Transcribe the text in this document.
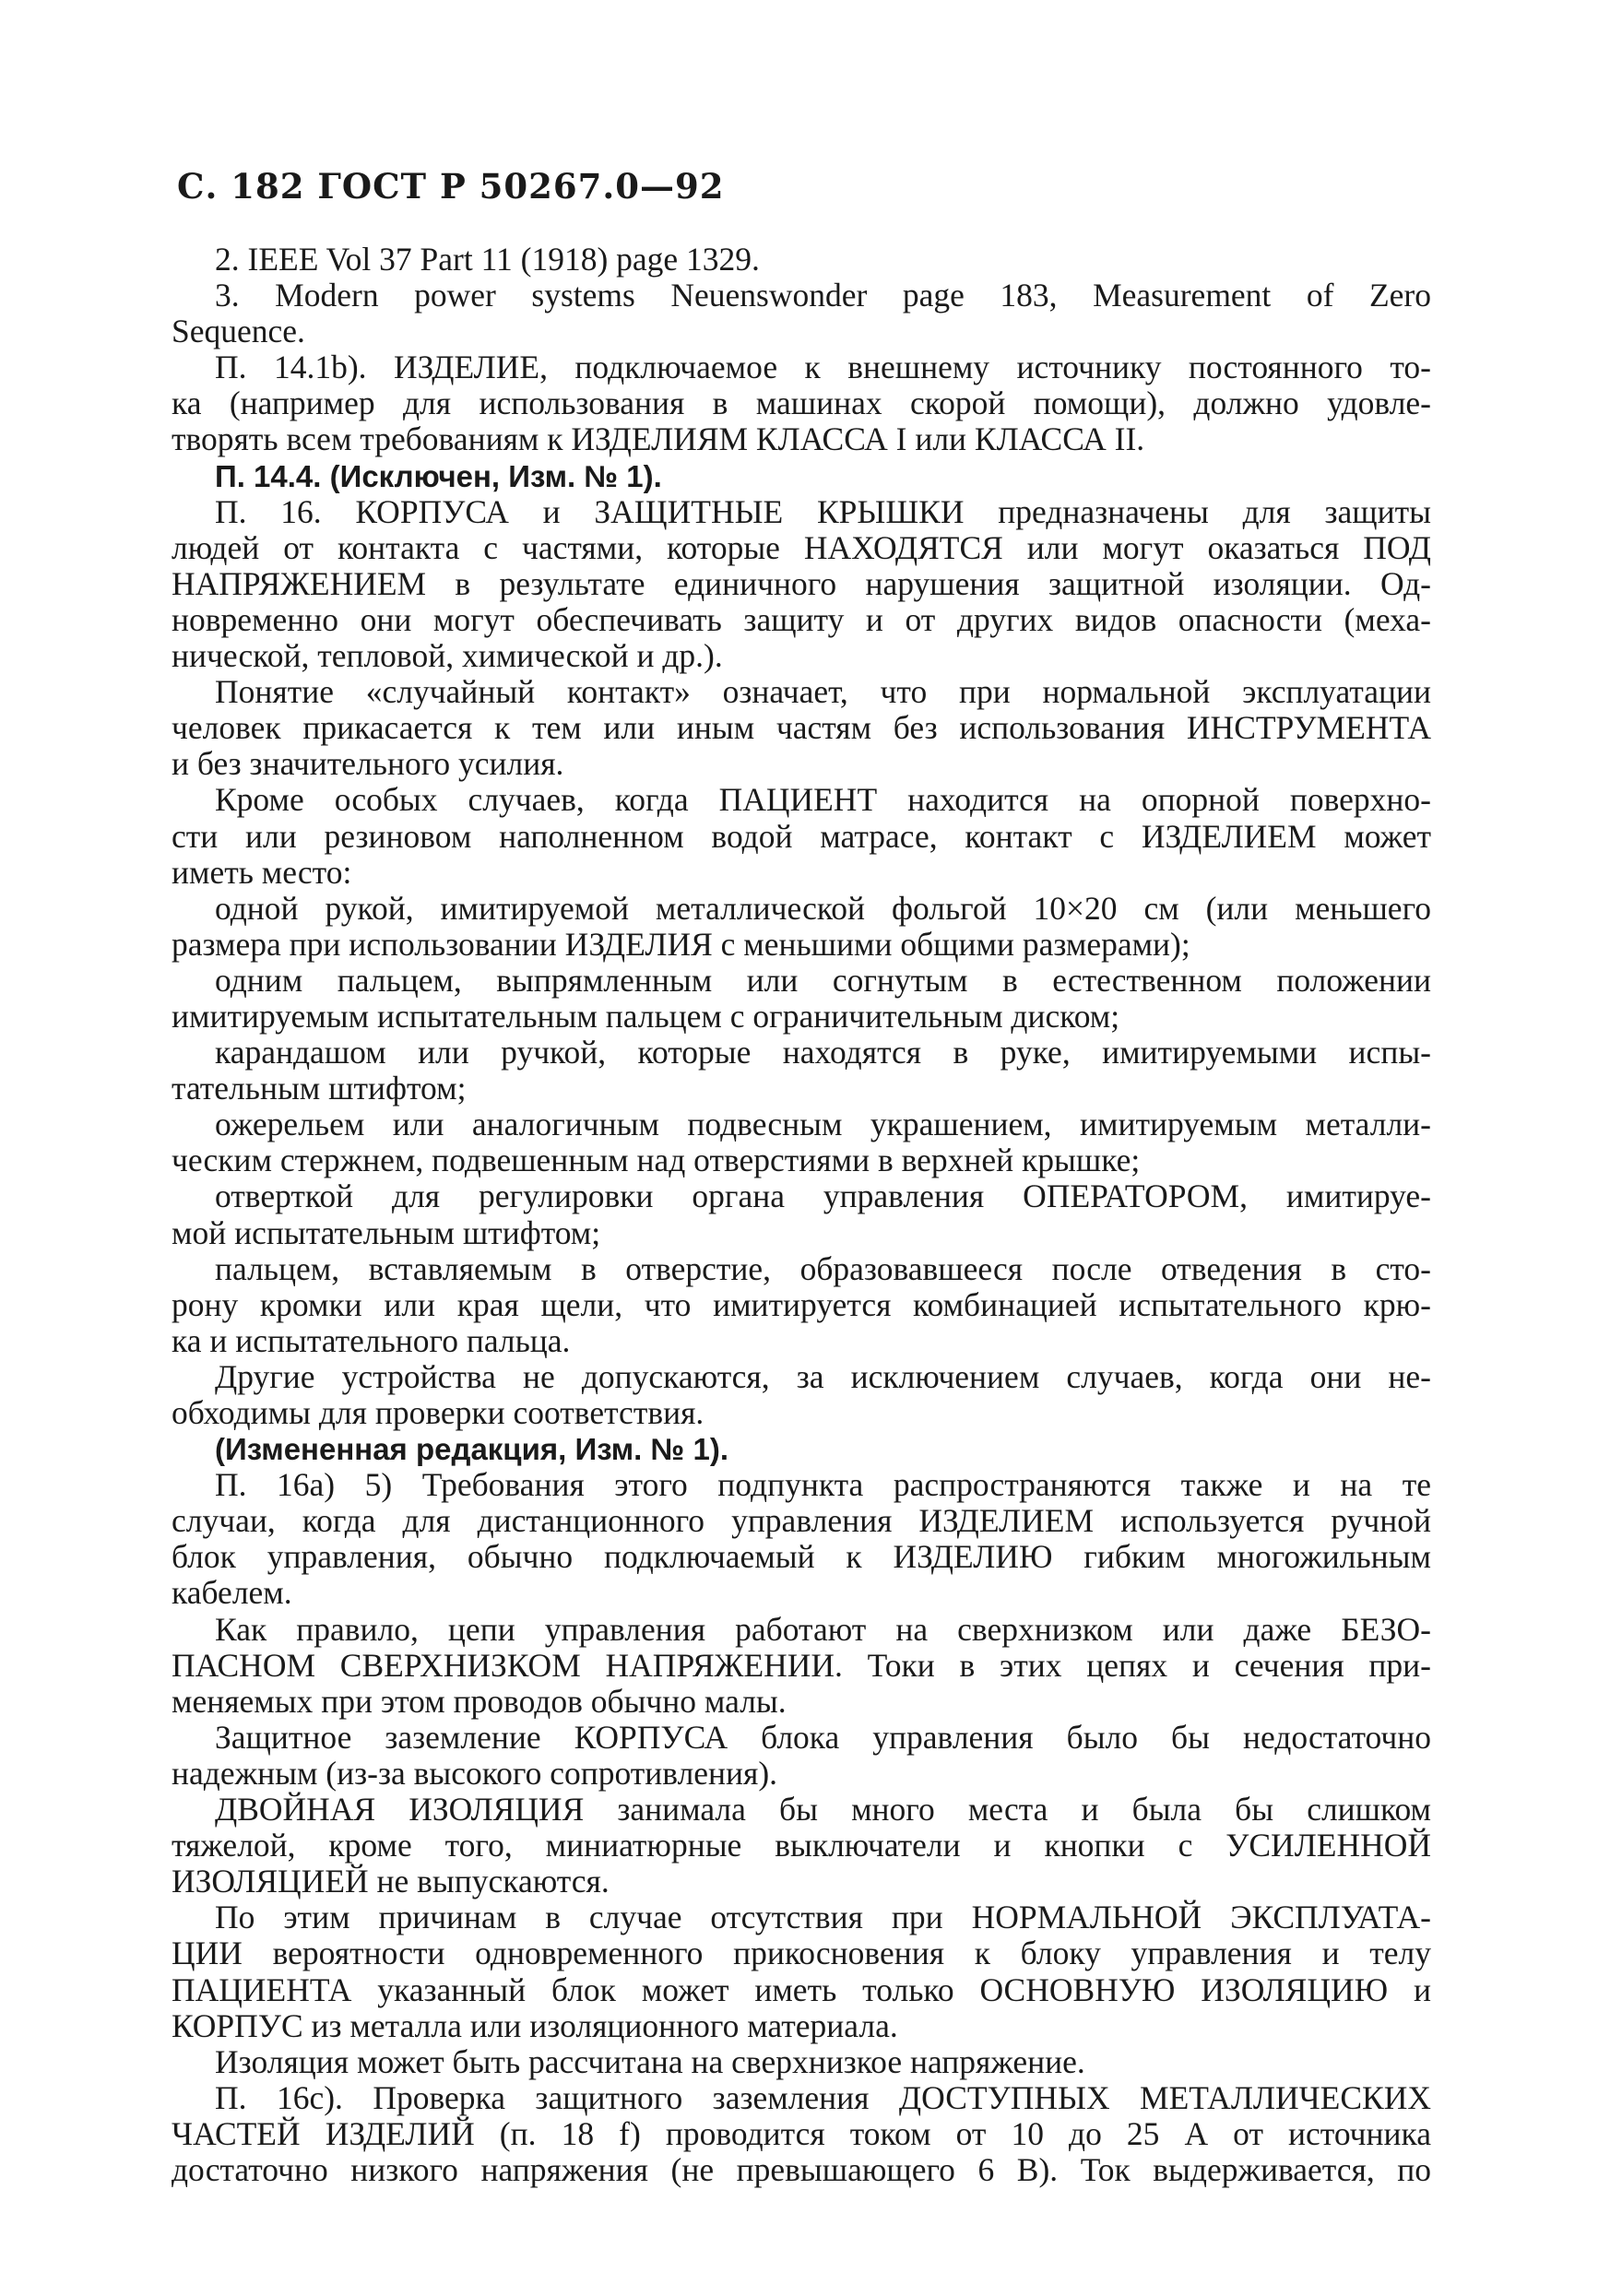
С. 182 ГОСТ Р 50267.0—92
2. IEEE Vol 37 Part 11 (1918) page 1329.
3. Modern power systems Neuenswonder page 183, Measurement of Zero
Sequence.
П. 14.1b). ИЗДЕЛИЕ, подключаемое к внешнему источнику постоянного то-
ка (например для использования в машинах скорой помощи), должно удовле-
творять всем требованиям к ИЗДЕЛИЯМ КЛАССА I или КЛАССА II.
П. 14.4. (Исключен, Изм. № 1).
П. 16. КОРПУСА и ЗАЩИТНЫЕ КРЫШКИ предназначены для защиты
людей от контакта с частями, которые НАХОДЯТСЯ или могут оказаться ПОД
НАПРЯЖЕНИЕМ в результате единичного нарушения защитной изоляции. Од-
новременно они могут обеспечивать защиту и от других видов опасности (меха-
нической, тепловой, химической и др.).
Понятие «случайный контакт» означает, что при нормальной эксплуатации
человек прикасается к тем или иным частям без использования ИНСТРУМЕНТА
и без значительного усилия.
Кроме особых случаев, когда ПАЦИЕНТ находится на опорной поверхно-
сти или резиновом наполненном водой матрасе, контакт с ИЗДЕЛИЕМ может
иметь место:
одной рукой, имитируемой металлической фольгой 10×20 см (или меньшего
размера при использовании ИЗДЕЛИЯ с меньшими общими размерами);
одним пальцем, выпрямленным или согнутым в естественном положении
имитируемым испытательным пальцем с ограничительным диском;
карандашом или ручкой, которые находятся в руке, имитируемыми испы-
тательным штифтом;
ожерельем или аналогичным подвесным украшением, имитируемым металли-
ческим стержнем, подвешенным над отверстиями в верхней крышке;
отверткой для регулировки органа управления ОПЕРАТОРОМ, имитируе-
мой испытательным штифтом;
пальцем, вставляемым в отверстие, образовавшееся после отведения в сто-
рону кромки или края щели, что имитируется комбинацией испытательного крю-
ка и испытательного пальца.
Другие устройства не допускаются, за исключением случаев, когда они не-
обходимы для проверки соответствия.
(Измененная редакция, Изм. № 1).
П. 16a) 5) Требования этого подпункта распространяются также и на те
случаи, когда для дистанционного управления ИЗДЕЛИЕМ используется ручной
блок управления, обычно подключаемый к ИЗДЕЛИЮ гибким многожильным
кабелем.
Как правило, цепи управления работают на сверхнизком или даже БЕЗО-
ПАСНОМ СВЕРХНИЗКОМ НАПРЯЖЕНИИ. Токи в этих цепях и сечения при-
меняемых при этом проводов обычно малы.
Защитное заземление КОРПУСА блока управления было бы недостаточно
надежным (из-за высокого сопротивления).
ДВОЙНАЯ ИЗОЛЯЦИЯ занимала бы много места и была бы слишком
тяжелой, кроме того, миниатюрные выключатели и кнопки с УСИЛЕННОЙ
ИЗОЛЯЦИЕЙ не выпускаются.
По этим причинам в случае отсутствия при НОРМАЛЬНОЙ ЭКСПЛУАТА-
ЦИИ вероятности одновременного прикосновения к блоку управления и телу
ПАЦИЕНТА указанный блок может иметь только ОСНОВНУЮ ИЗОЛЯЦИЮ и
КОРПУС из металла или изоляционного материала.
Изоляция может быть рассчитана на сверхнизкое напряжение.
П. 16с). Проверка защитного заземления ДОСТУПНЫХ МЕТАЛЛИЧЕСКИХ
ЧАСТЕЙ ИЗДЕЛИЙ (п. 18 f) проводится током от 10 до 25 А от источника
достаточно низкого напряжения (не превышающего 6 В). Ток выдерживается, по
